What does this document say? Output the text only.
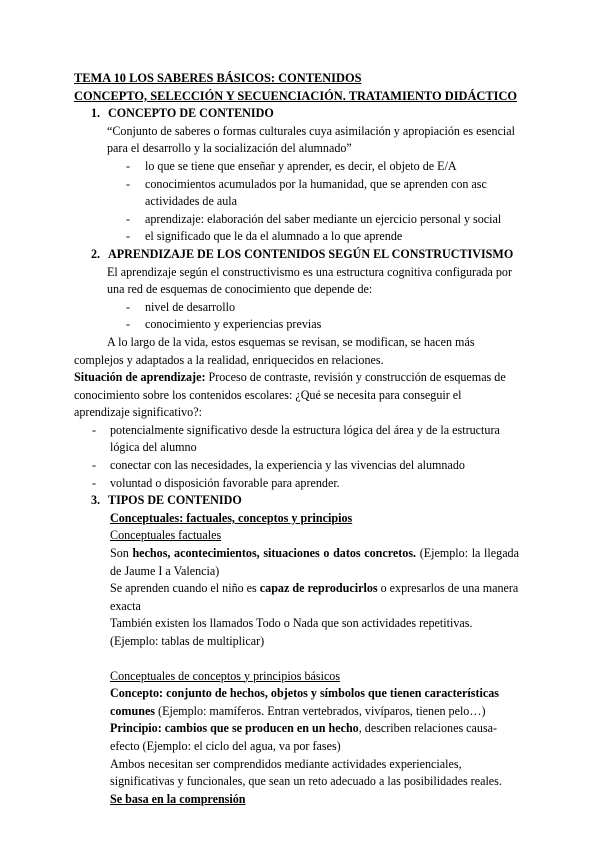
TEMA 10 LOS SABERES BÁSICOS: CONTENIDOS
CONCEPTO, SELECCIÓN Y SECUENCIACIÓN. TRATAMIENTO DIDÁCTICO
1. CONCEPTO DE CONTENIDO
“Conjunto de saberes o formas culturales cuya asimilación y apropiación es esencial para el desarrollo y la socialización del alumnado”
- lo que se tiene que enseñar y aprender, es decir, el objeto de E/A
- conocimientos acumulados por la humanidad, que se aprenden con asc actividades de aula
- aprendizaje: elaboración del saber mediante un ejercicio personal y social
- el significado que le da el alumnado a lo que aprende
2. APRENDIZAJE DE LOS CONTENIDOS SEGÚN EL CONSTRUCTIVISMO
El aprendizaje según el constructivismo es una estructura cognitiva configurada por una red de esquemas de conocimiento que depende de:
- nivel de desarrollo
- conocimiento y experiencias previas
A lo largo de la vida, estos esquemas se revisan, se modifican, se hacen más complejos y adaptados a la realidad, enriquecidos en relaciones.
Situación de aprendizaje: Proceso de contraste, revisión y construcción de esquemas de conocimiento sobre los contenidos escolares: ¿Qué se necesita para conseguir el aprendizaje significativo?:
- potencialmente significativo desde la estructura lógica del área y de la estructura lógica del alumno
- conectar con las necesidades, la experiencia y las vivencias del alumnado
- voluntad o disposición favorable para aprender.
3. TIPOS DE CONTENIDO
Conceptuales: factuales, conceptos y principios
Conceptuales factuales
Son hechos, acontecimientos, situaciones o datos concretos. (Ejemplo: la llegada de Jaume I a Valencia)
Se aprenden cuando el niño es capaz de reproducirlos o expresarlos de una manera exacta
También existen los llamados Todo o Nada que son actividades repetitivas. (Ejemplo: tablas de multiplicar)
Conceptuales de conceptos y principios básicos
Concepto: conjunto de hechos, objetos y símbolos que tienen características comunes (Ejemplo: mamíferos. Entran vertebrados, vivíparos, tienen pelo…)
Principio: cambios que se producen en un hecho, describen relaciones causa-efecto (Ejemplo: el ciclo del agua, va por fases)
Ambos necesitan ser comprendidos mediante actividades experienciales, significativas y funcionales, que sean un reto adecuado a las posibilidades reales.
Se basa en la comprensión
